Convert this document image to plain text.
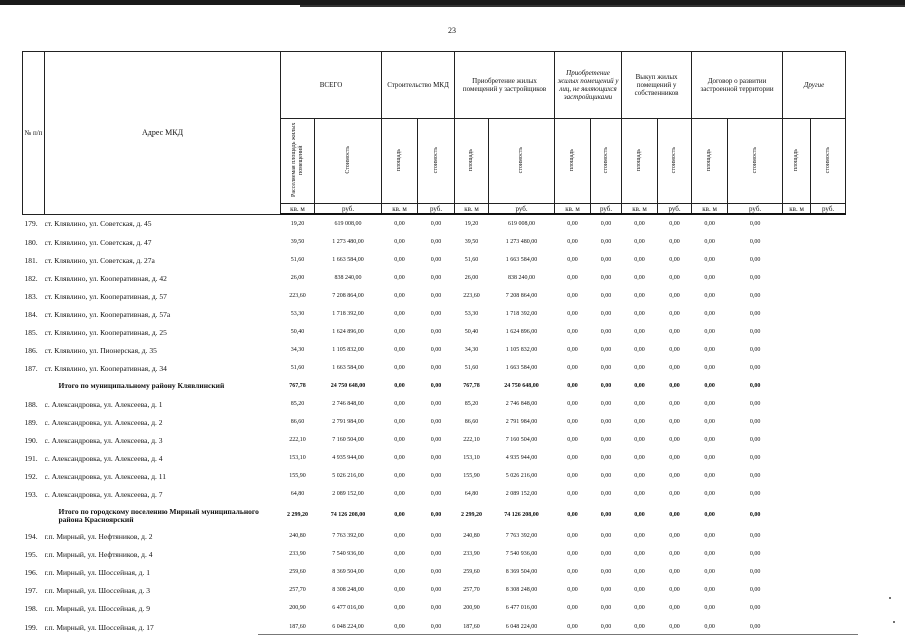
23
№ п/п	Адрес МКД	ВСЕГО		Строительство МКД		Приобретение жилых помещений у застройщиков		Приобретение жилых помещений у лиц, не являющихся застройщиками		Выкуп жилых помещений у собственников		Договор о развитии застроенной территории		Другие	
		Расселяемая площадь жилых помещений	Стоимость	площадь	стоимость	площадь	стоимость	площадь	стоимость	площадь	стоимость	площадь	стоимость	площадь	стоимость
		кв. м	руб.	кв. м	руб.	кв. м	руб.	кв. м	руб.	кв. м	руб.	кв. м	руб.	кв. м	руб.
179.	ст. Клявлино, ул. Советская, д. 45	19,20	619 008,00	0,00	0,00	19,20	619 008,00	0,00	0,00	0,00	0,00	0,00	0,00		
180.	ст. Клявлино, ул. Советская, д. 47	39,50	1 273 480,00	0,00	0,00	39,50	1 273 480,00	0,00	0,00	0,00	0,00	0,00	0,00		
181.	ст. Клявлино, ул. Советская, д. 27а	51,60	1 663 584,00	0,00	0,00	51,60	1 663 584,00	0,00	0,00	0,00	0,00	0,00	0,00		
182.	ст. Клявлино, ул. Кооперативная, д. 42	26,00	838 240,00	0,00	0,00	26,00	838 240,00	0,00	0,00	0,00	0,00	0,00	0,00		
183.	ст. Клявлино, ул. Кооперативная, д. 57	223,60	7 208 864,00	0,00	0,00	223,60	7 208 864,00	0,00	0,00	0,00	0,00	0,00	0,00		
184.	ст. Клявлино, ул. Кооперативная, д. 57а	53,30	1 718 392,00	0,00	0,00	53,30	1 718 392,00	0,00	0,00	0,00	0,00	0,00	0,00		
185.	ст. Клявлино, ул. Кооперативная, д. 25	50,40	1 624 896,00	0,00	0,00	50,40	1 624 896,00	0,00	0,00	0,00	0,00	0,00	0,00		
186.	ст. Клявлино, ул. Пионерская, д. 35	34,30	1 105 832,00	0,00	0,00	34,30	1 105 832,00	0,00	0,00	0,00	0,00	0,00	0,00		
187.	ст. Клявлино, ул. Кооперативная, д. 34	51,60	1 663 584,00	0,00	0,00	51,60	1 663 584,00	0,00	0,00	0,00	0,00	0,00	0,00		
	Итого по муниципальному району Клявлинский	767,78	24 750 648,00	0,00	0,00	767,78	24 750 648,00	0,00	0,00	0,00	0,00	0,00	0,00		
188.	с. Александровка, ул. Алексеева, д. 1	85,20	2 746 848,00	0,00	0,00	85,20	2 746 848,00	0,00	0,00	0,00	0,00	0,00	0,00		
189.	с. Александровка, ул. Алексеева, д. 2	86,60	2 791 984,00	0,00	0,00	86,60	2 791 984,00	0,00	0,00	0,00	0,00	0,00	0,00		
190.	с. Александровка, ул. Алексеева, д. 3	222,10	7 160 504,00	0,00	0,00	222,10	7 160 504,00	0,00	0,00	0,00	0,00	0,00	0,00		
191.	с. Александровка, ул. Алексеева, д. 4	153,10	4 935 944,00	0,00	0,00	153,10	4 935 944,00	0,00	0,00	0,00	0,00	0,00	0,00		
192.	с. Александровка, ул. Алексеева, д. 11	155,90	5 026 216,00	0,00	0,00	155,90	5 026 216,00	0,00	0,00	0,00	0,00	0,00	0,00		
193.	с. Александровка, ул. Алексеева, д. 7	64,80	2 089 152,00	0,00	0,00	64,80	2 089 152,00	0,00	0,00	0,00	0,00	0,00	0,00		
	Итого по городскому поселению Мирный муниципального района Красноярский	2 299,20	74 126 208,00	0,00	0,00	2 299,20	74 126 208,00	0,00	0,00	0,00	0,00	0,00	0,00		
194.	г.п. Мирный, ул. Нефтяников, д. 2	240,80	7 763 392,00	0,00	0,00	240,80	7 763 392,00	0,00	0,00	0,00	0,00	0,00	0,00		
195.	г.п. Мирный, ул. Нефтяников, д. 4	233,90	7 540 936,00	0,00	0,00	233,90	7 540 936,00	0,00	0,00	0,00	0,00	0,00	0,00		
196.	г.п. Мирный, ул. Шоссейная, д. 1	259,60	8 369 504,00	0,00	0,00	259,60	8 369 504,00	0,00	0,00	0,00	0,00	0,00	0,00		
197.	г.п. Мирный, ул. Шоссейная, д. 3	257,70	8 308 248,00	0,00	0,00	257,70	8 308 248,00	0,00	0,00	0,00	0,00	0,00	0,00		
198.	г.п. Мирный, ул. Шоссейная, д. 9	200,90	6 477 016,00	0,00	0,00	200,90	6 477 016,00	0,00	0,00	0,00	0,00	0,00	0,00		
199.	г.п. Мирный, ул. Шоссейная, д. 17	187,60	6 048 224,00	0,00	0,00	187,60	6 048 224,00	0,00	0,00	0,00	0,00	0,00	0,00		
